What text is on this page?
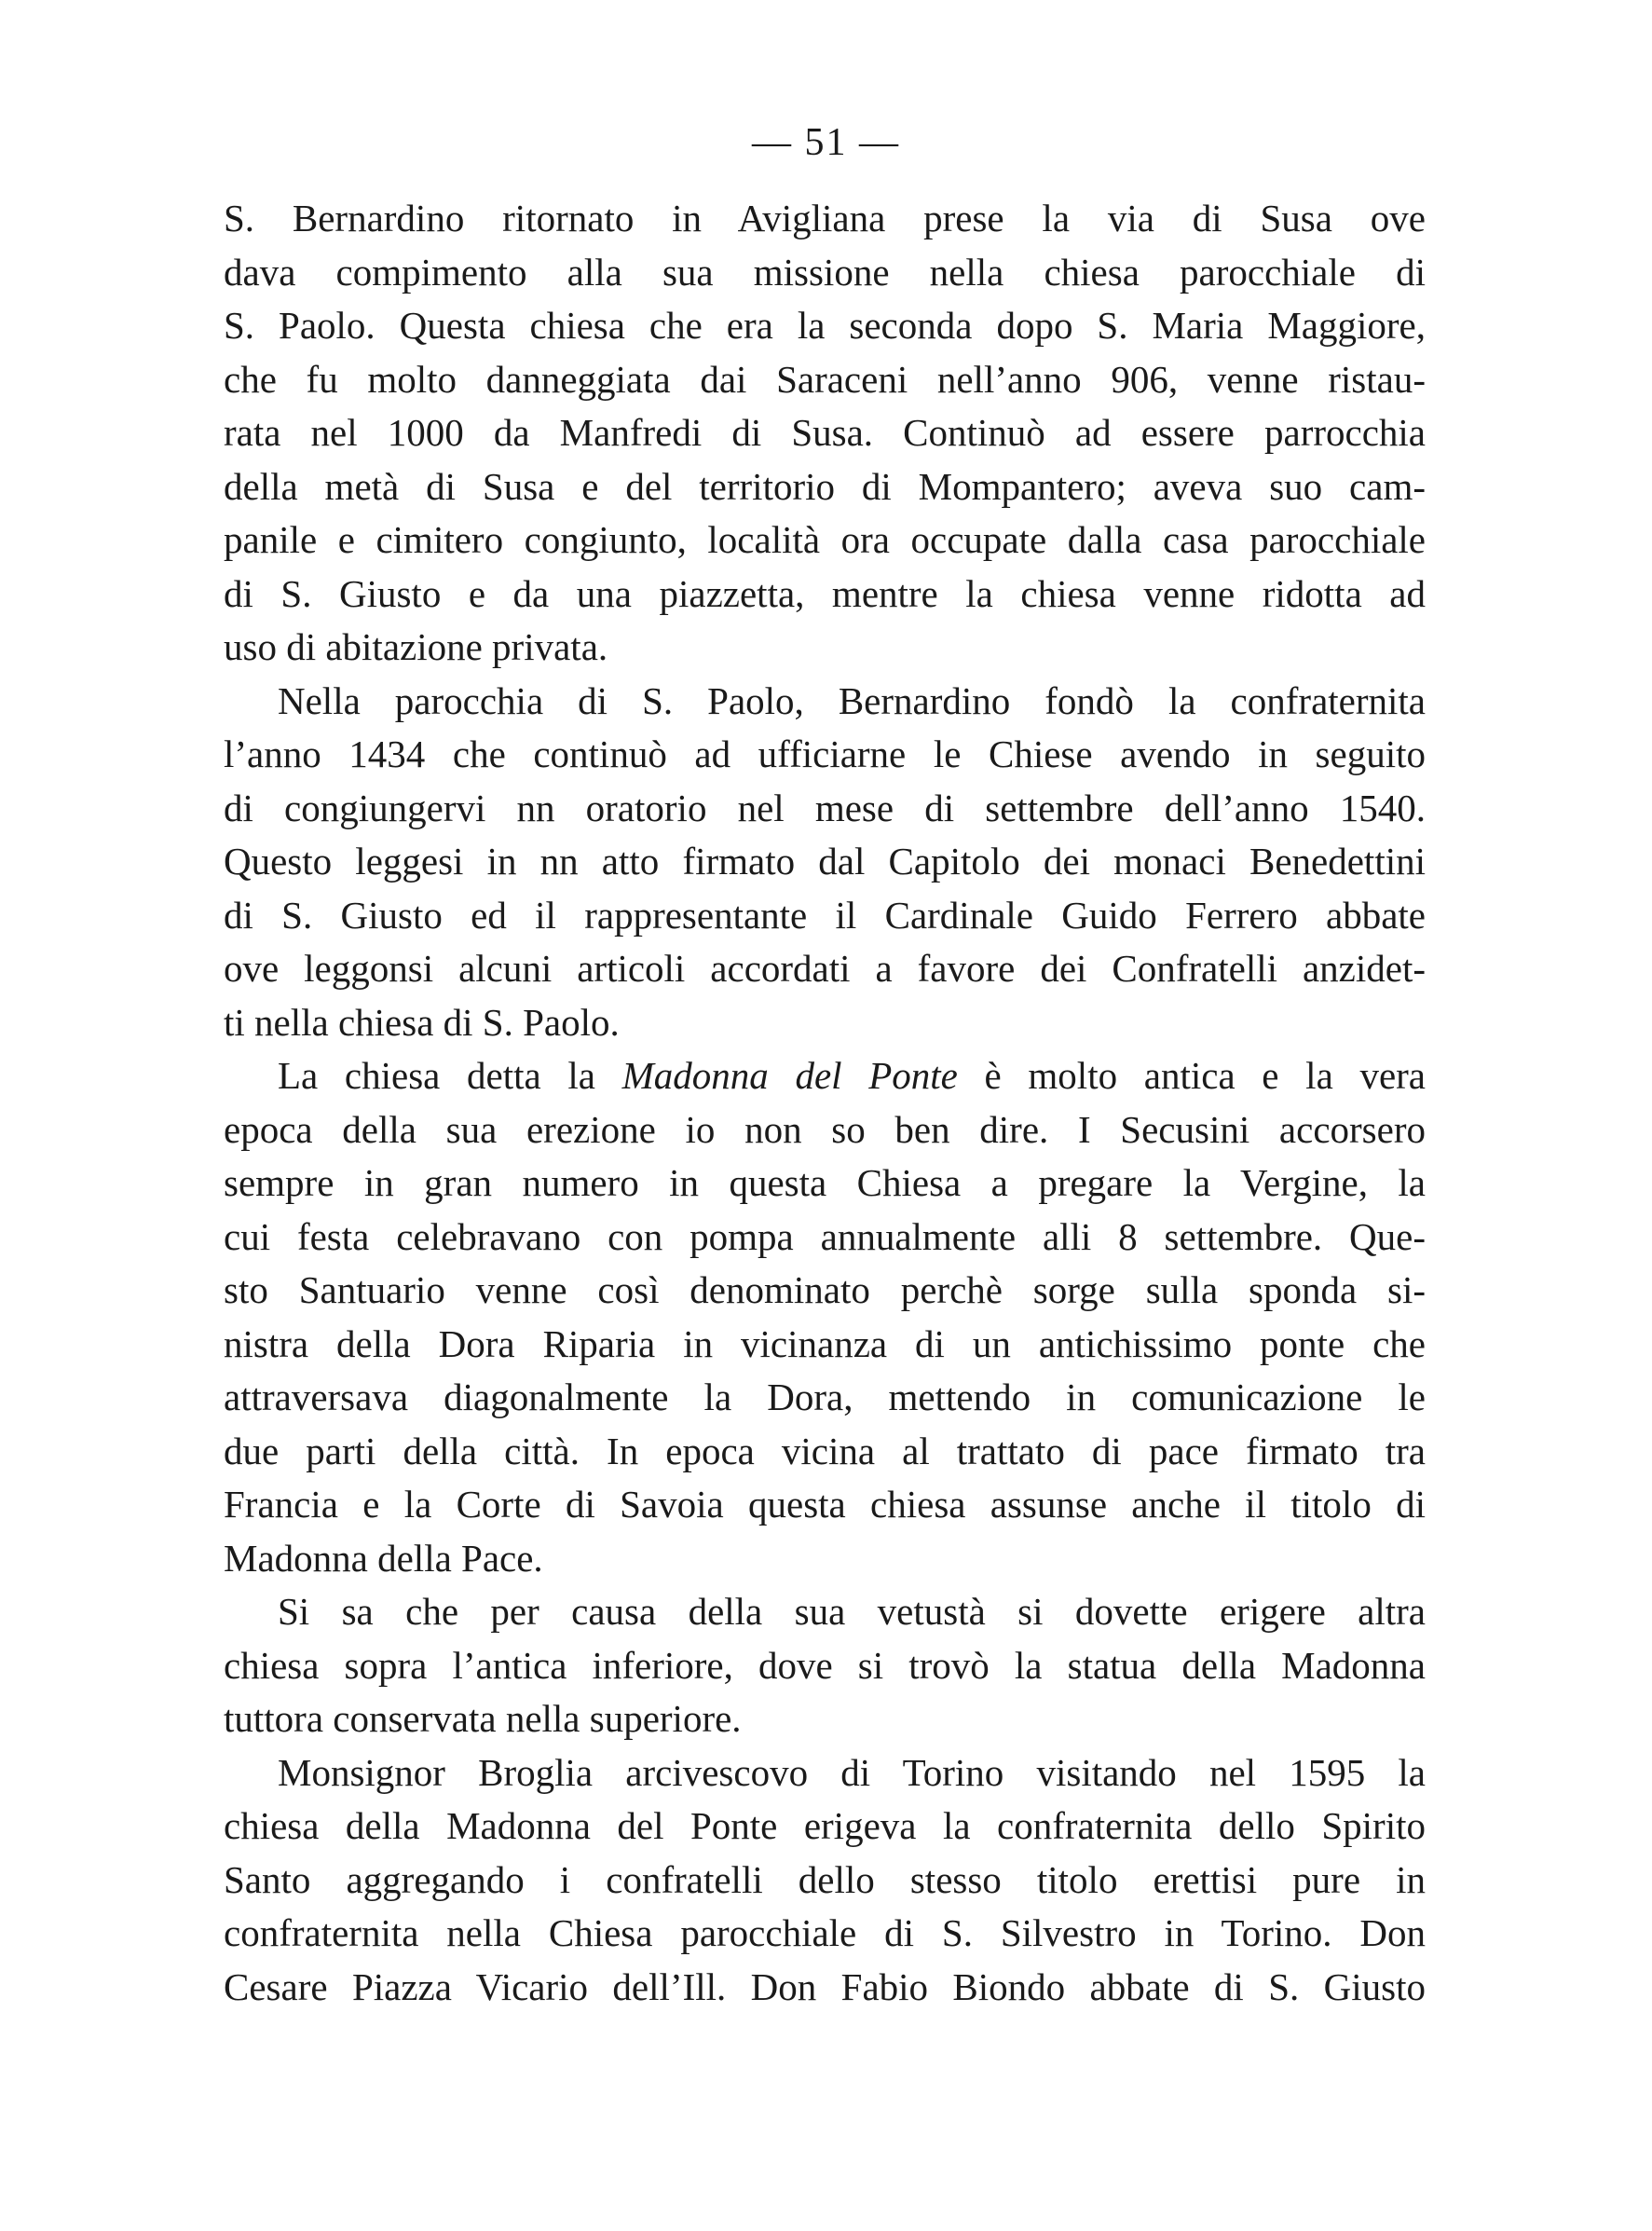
— 51 —
S. Bernardino ritornato in Avigliana prese la via di Susa ove
dava compimento alla sua missione nella chiesa parocchiale di
S. Paolo. Questa chiesa che era la seconda dopo S. Maria Maggiore,
che fu molto danneggiata dai Saraceni nell’anno 906, venne ristau-
rata nel 1000 da Manfredi di Susa. Continuò ad essere parrocchia
della metà di Susa e del territorio di Mompantero; aveva suo cam-
panile e cimitero congiunto, località ora occupate dalla casa parocchiale
di S. Giusto e da una piazzetta, mentre la chiesa venne ridotta ad
uso di abitazione privata.
Nella parocchia di S. Paolo, Bernardino fondò la confraternita
l’anno 1434 che continuò ad ufficiarne le Chiese avendo in seguito
di congiungervi nn oratorio nel mese di settembre dell’anno 1540.
Questo leggesi in nn atto firmato dal Capitolo dei monaci Benedettini
di S. Giusto ed il rappresentante il Cardinale Guido Ferrero abbate
ove leggonsi alcuni articoli accordati a favore dei Confratelli anzidet-
ti nella chiesa di S. Paolo.
La chiesa detta la Madonna del Ponte è molto antica e la vera
epoca della sua erezione io non so ben dire. I Secusini accorsero
sempre in gran numero in questa Chiesa a pregare la Vergine, la
cui festa celebravano con pompa annualmente alli 8 settembre. Que-
sto Santuario venne così denominato perchè sorge sulla sponda si-
nistra della Dora Riparia in vicinanza di un antichissimo ponte che
attraversava diagonalmente la Dora, mettendo in comunicazione le
due parti della città. In epoca vicina al trattato di pace firmato tra
Francia e la Corte di Savoia questa chiesa assunse anche il titolo di
Madonna della Pace.
Si sa che per causa della sua vetustà si dovette erigere altra
chiesa sopra l’antica inferiore, dove si trovò la statua della Madonna
tuttora conservata nella superiore.
Monsignor Broglia arcivescovo di Torino visitando nel 1595 la
chiesa della Madonna del Ponte erigeva la confraternita dello Spirito
Santo aggregando i confratelli dello stesso titolo erettisi pure in
confraternita nella Chiesa parocchiale di S. Silvestro in Torino. Don
Cesare Piazza Vicario dell’Ill. Don Fabio Biondo abbate di S. Giusto
